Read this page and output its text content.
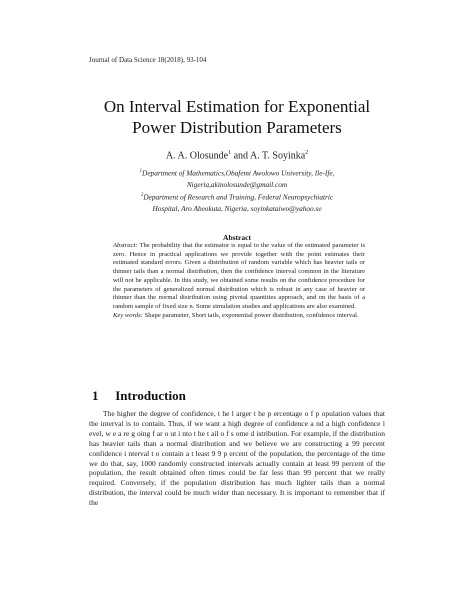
Journal of Data Science 18(2018), 93-104
On Interval Estimation for Exponential
Power Distribution Parameters
A. A. Olosunde$^1$ and A. T. Soyinka$^2$
$^1$Department of Mathematics,Obafemi Awolowo University, Ile-Ife,
Nigeria,akinolosunde@gmail.com
$^2$Department of Research and Training, Federal Neuropsychiatric
Hospital, Aro Abeokuta, Nigeria, soyinkataiwo@yahoo.se
Abstract
Abstract: The probability that the estimator is equal to the value of the estimated parameter is zero. Hence in practical applications we provide together with the point estimates their estimated standard errors. Given a distribution of random variable which has heavier tails or thinner tails than a normal distribution, then the confidence interval common in the literature will not be applicable. In this study, we obtained some results on the confidence procedure for the parameters of generalized normal distribution which is robust in any case of heavier or thinner than the normal distribution using pivotal quantities approach, and on the basis of a random sample of fixed size n. Some simulation studies and applications are also examined.
Key words: Shape parameter, Short tails, exponential power distribution, confidence interval.
1 Introduction
The higher the degree of confidence, t he l arger t he p ercentage o f p opulation values that the interval is to contain. Thus, if we want a high degree of confidence a nd a high confidence l evel, w e a re g oing f ar o ut i nto t he t ail o f s ome d istribution. For example, if the distribution has heavier tails than a normal distribution and we believe we are constructing a 99 percent confidence i nterval t o contain a t least 9 9 p ercent of the population, the percentage of the time we do that, say, 1000 randomly constructed intervals actually contain at least 99 percent of the population, the result obtained often times could be far less than 99 percent that we really required. Conversely, if the population distribution has much lighter tails than a normal distribution, the interval could be much wider than necessary. It is important to remember that if the
